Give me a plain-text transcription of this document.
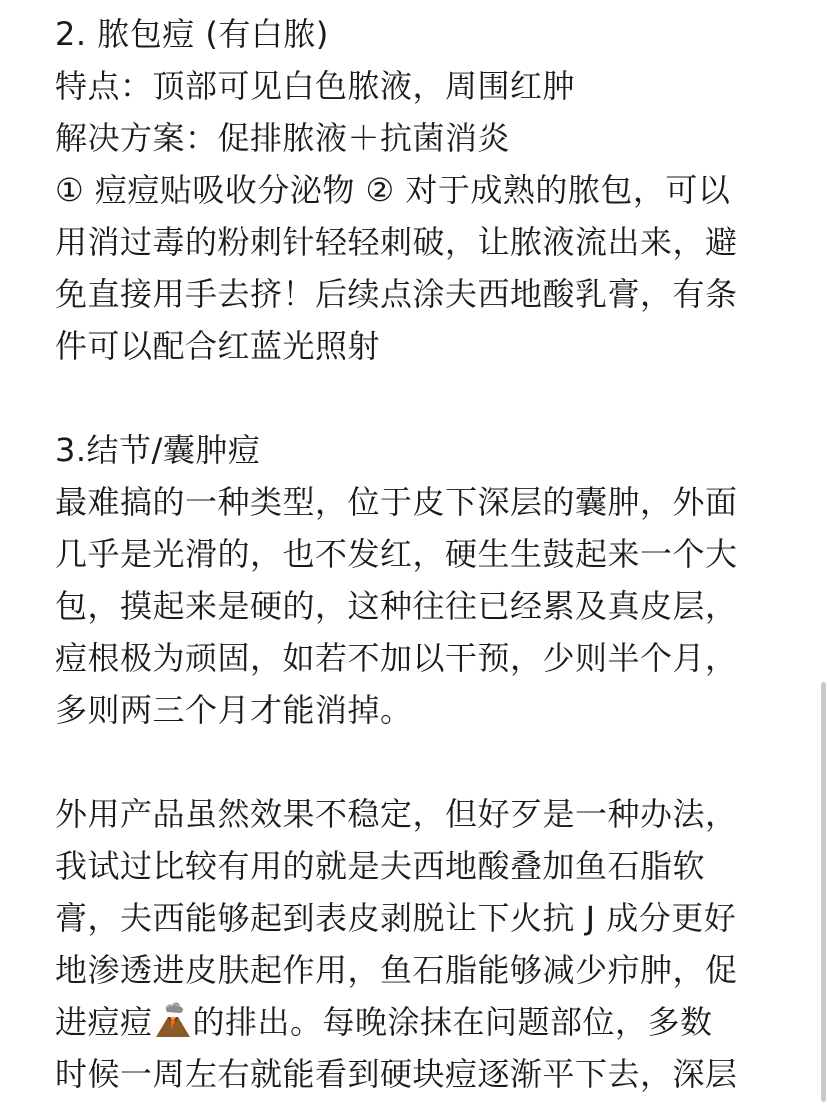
2. 脓包痘 (有白脓)
特点：顶部可见白色脓液，周围红肿
解决方案：促排脓液＋抗菌消炎
① 痘痘贴吸收分泌物 ② 对于成熟的脓包，可以
用消过毒的粉刺针轻轻刺破，让脓液流出来，避
免直接用手去挤！后续点涂夫西地酸乳膏，有条
件可以配合红蓝光照射
3.结节/囊肿痘
最难搞的一种类型，位于皮下深层的囊肿，外面
几乎是光滑的，也不发红，硬生生鼓起来一个大
包，摸起来是硬的，这种往往已经累及真皮层，
痘根极为顽固，如若不加以干预，少则半个月，
多则两三个月才能消掉。
外用产品虽然效果不稳定，但好歹是一种办法，
我试过比较有用的就是夫西地酸叠加鱼石脂软
膏，夫西能够起到表皮剥脱让下火抗 J 成分更好
地渗透进皮肤起作用，鱼石脂能够减少疖肿，促
进痘痘 的排出。每晚涂抹在问题部位，多数
时候一周左右就能看到硬块痘逐渐平下去，深层
